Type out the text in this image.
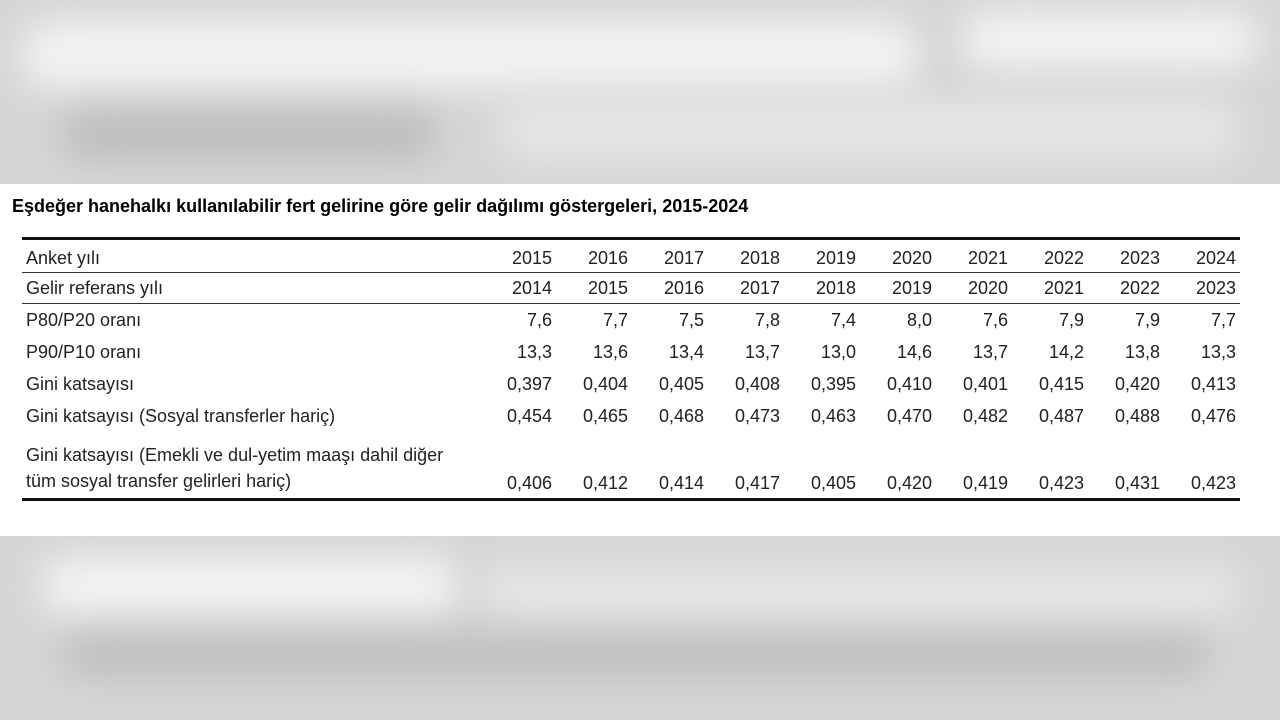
Eşdeğer hanehalkı kullanılabilir fert gelirine göre gelir dağılımı göstergeleri, 2015-2024
Anket yılı	2015	2016	2017	2018	2019	2020	2021	2022	2023	2024
Gelir referans yılı	2014	2015	2016	2017	2018	2019	2020	2021	2022	2023
P80/P20 oranı	7,6	7,7	7,5	7,8	7,4	8,0	7,6	7,9	7,9	7,7
P90/P10 oranı	13,3	13,6	13,4	13,7	13,0	14,6	13,7	14,2	13,8	13,3
Gini katsayısı	0,397	0,404	0,405	0,408	0,395	0,410	0,401	0,415	0,420	0,413
Gini katsayısı (Sosyal transferler hariç)	0,454	0,465	0,468	0,473	0,463	0,470	0,482	0,487	0,488	0,476
Gini katsayısı (Emekli ve dul-yetim maaşı dahil diğer tüm sosyal transfer gelirleri hariç)	0,406	0,412	0,414	0,417	0,405	0,420	0,419	0,423	0,431	0,423
